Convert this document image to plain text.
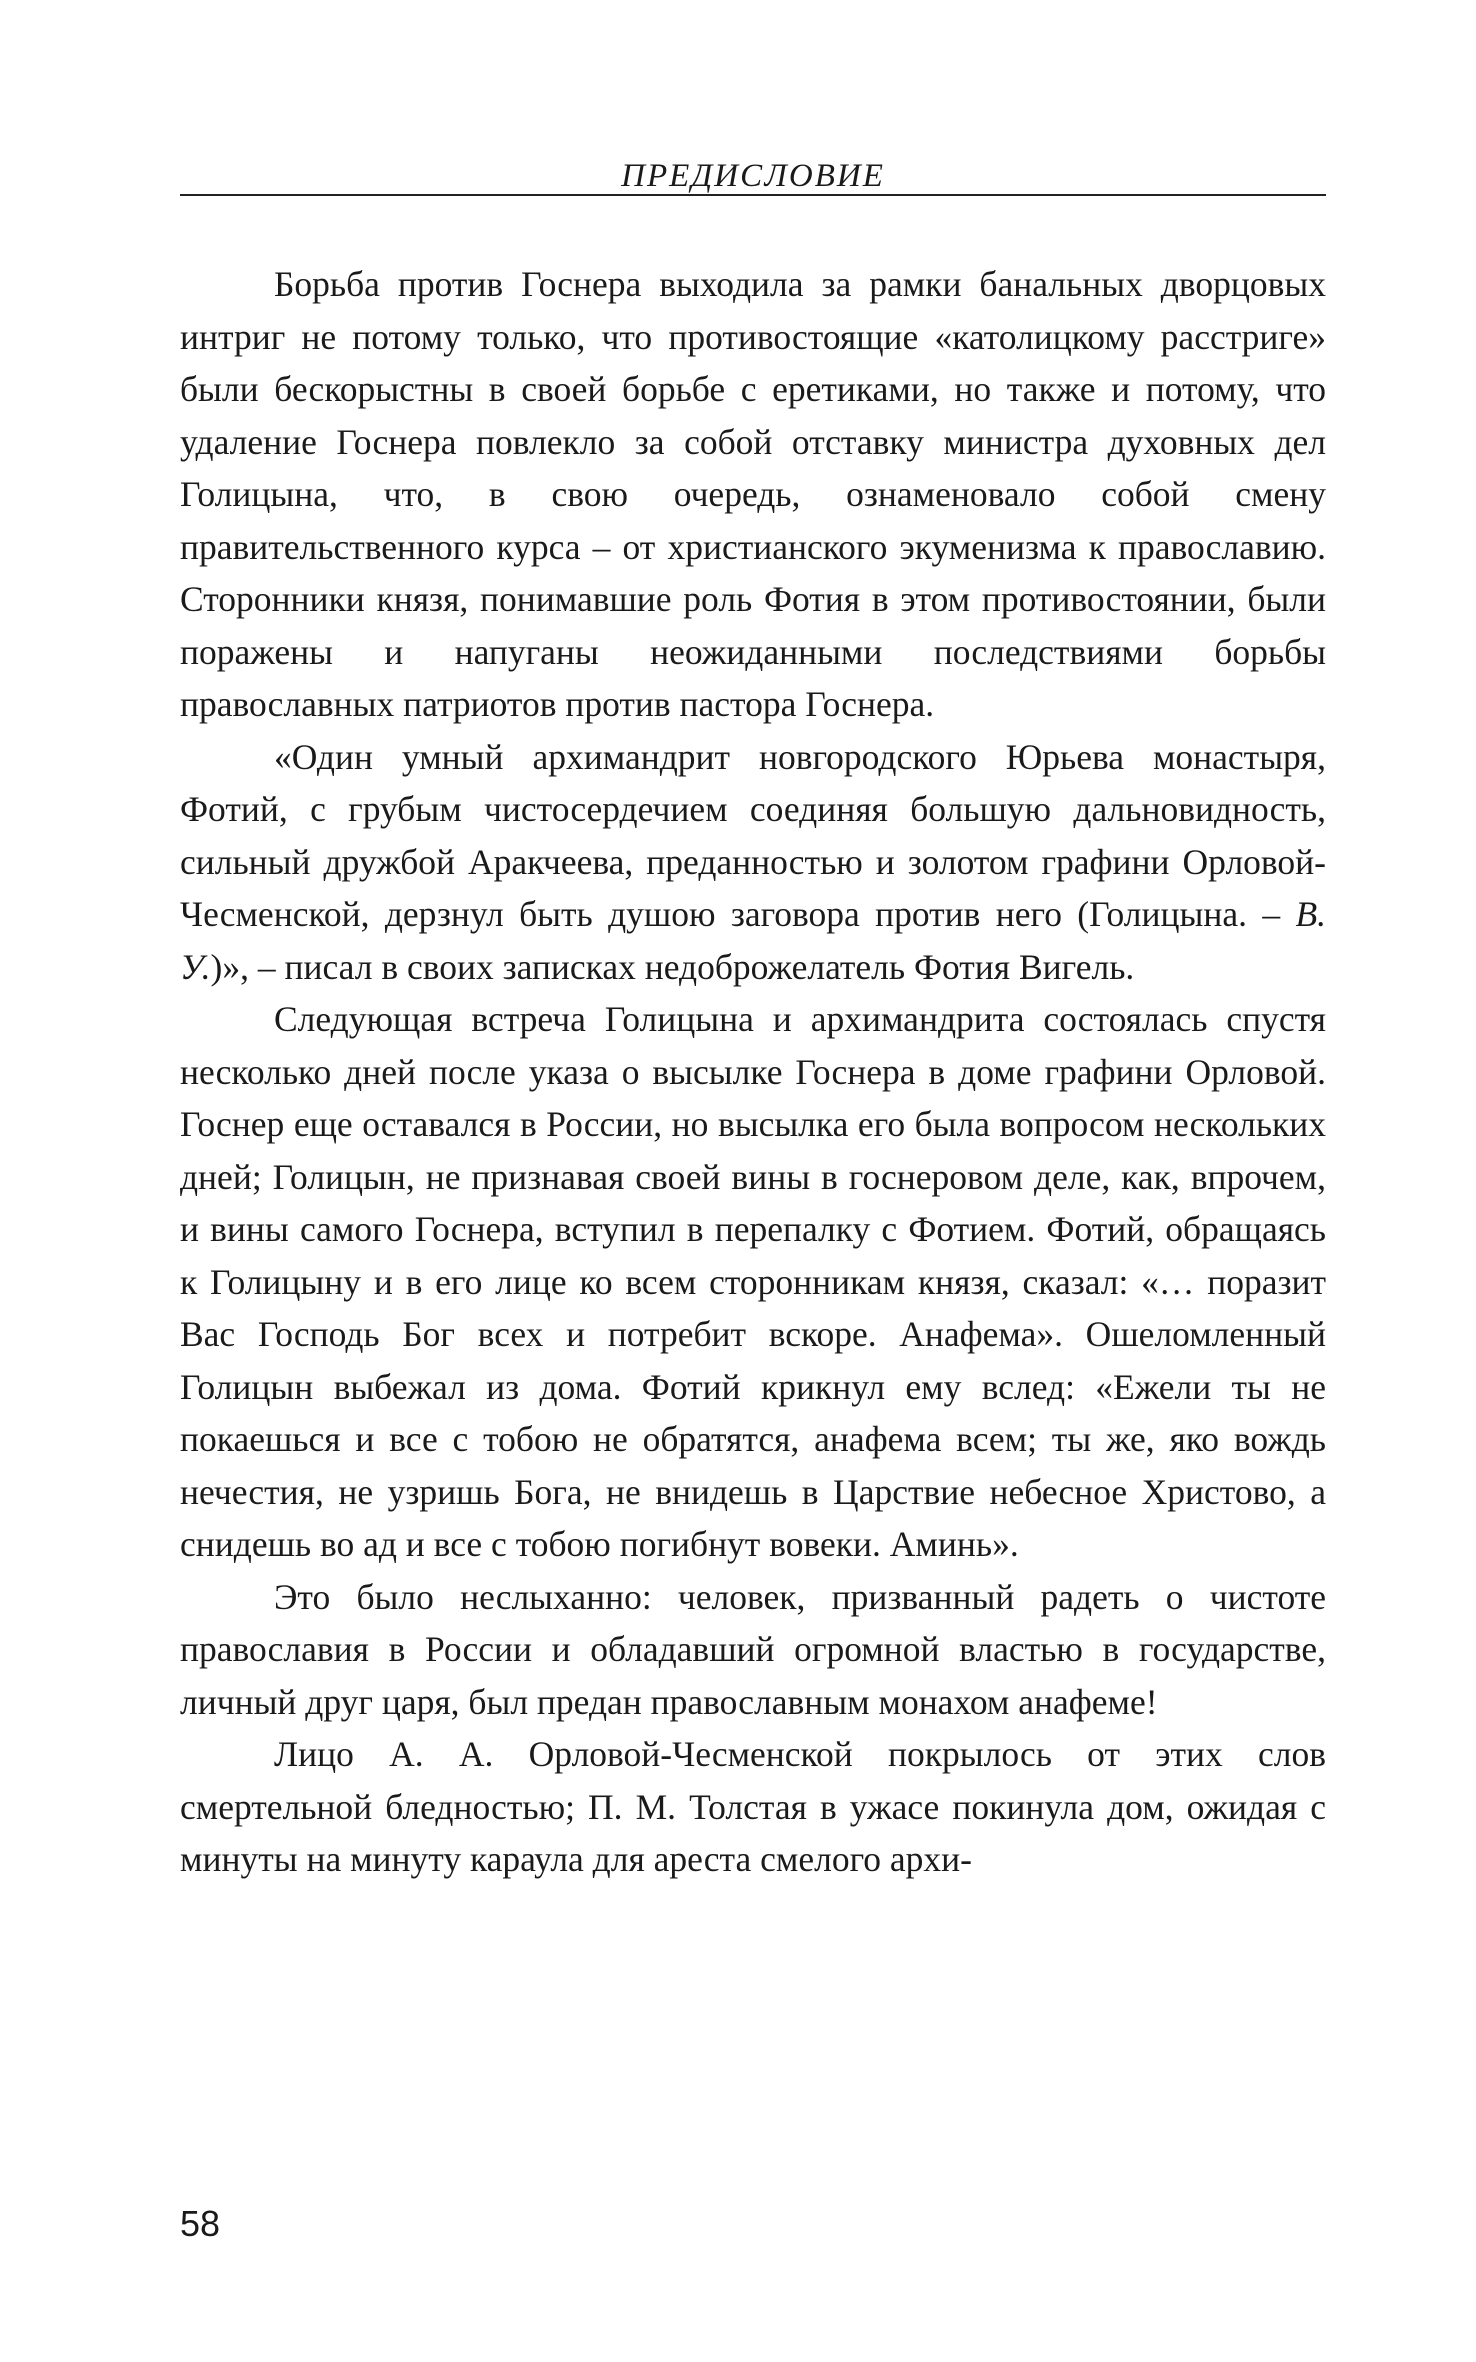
ПРЕДИСЛОВИЕ

Борьба против Госнера выходила за рамки банальных дворцовых интриг не потому только, что противостоящие «католицкому расстриге» были бескорыстны в своей борьбе с еретиками, но также и потому, что удаление Госнера повлекло за собой отставку министра духовных дел Голицына, что, в свою очередь, ознаменовало собой смену правительственного курса – от христианского экуменизма к православию. Сторонники князя, понимавшие роль Фотия в этом противостоянии, были поражены и напуганы неожиданными последствиями борьбы православных патриотов против пастора Госнера.

«Один умный архимандрит новгородского Юрьева монастыря, Фотий, с грубым чистосердечием соединяя большую дальновидность, сильный дружбой Аракчеева, преданностью и золотом графини Орловой-Чесменской, дерзнул быть душою заговора против него (Голицына. – В. У.)», – писал в своих записках недоброжелатель Фотия Вигель.

Следующая встреча Голицына и архимандрита состоялась спустя несколько дней после указа о высылке Госнера в доме графини Орловой. Госнер еще оставался в России, но высылка его была вопросом нескольких дней; Голицын, не признавая своей вины в госнеровом деле, как, впрочем, и вины самого Госнера, вступил в перепалку с Фотием. Фотий, обращаясь к Голицыну и в его лице ко всем сторонникам князя, сказал: «… поразит Вас Господь Бог всех и потребит вскоре. Анафема». Ошеломленный Голицын выбежал из дома. Фотий крикнул ему вслед: «Ежели ты не покаешься и все с тобою не обратятся, анафема всем; ты же, яко вождь нечестия, не узришь Бога, не внидешь в Царствие небесное Христово, а снидешь во ад и все с тобою погибнут вовеки. Аминь».

Это было неслыханно: человек, призванный радеть о чистоте православия в России и обладавший огромной властью в государстве, личный друг царя, был предан православным монахом анафеме!

Лицо А. А. Орловой-Чесменской покрылось от этих слов смертельной бледностью; П. М. Толстая в ужасе покинула дом, ожидая с минуты на минуту караула для ареста смелого архи-

58
